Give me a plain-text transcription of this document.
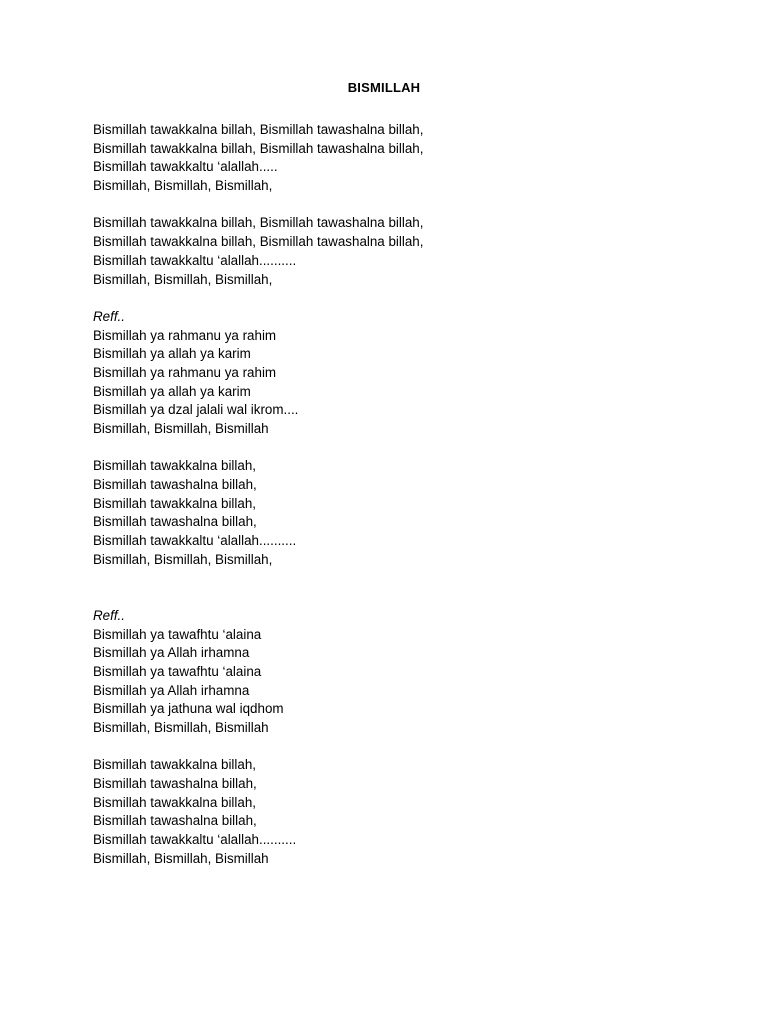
BISMILLAH
Bismillah tawakkalna billah, Bismillah tawashalna billah,
Bismillah tawakkalna billah, Bismillah tawashalna billah,
Bismillah tawakkaltu ‘alallah.....
Bismillah, Bismillah, Bismillah,
Bismillah tawakkalna billah, Bismillah tawashalna billah,
Bismillah tawakkalna billah, Bismillah tawashalna billah,
Bismillah tawakkaltu ‘alallah..........
Bismillah, Bismillah, Bismillah,
Reff..
Bismillah ya rahmanu ya rahim
Bismillah ya allah ya karim
Bismillah ya rahmanu ya rahim
Bismillah ya allah ya karim
Bismillah ya dzal jalali wal ikrom....
Bismillah, Bismillah, Bismillah
Bismillah tawakkalna billah,
Bismillah tawashalna billah,
Bismillah tawakkalna billah,
Bismillah tawashalna billah,
Bismillah tawakkaltu ‘alallah..........
Bismillah, Bismillah, Bismillah,
Reff..
Bismillah ya tawafhtu ‘alaina
Bismillah ya Allah irhamna
Bismillah ya tawafhtu ‘alaina
Bismillah ya Allah irhamna
Bismillah ya jathuna wal iqdhom
Bismillah, Bismillah, Bismillah
Bismillah tawakkalna billah,
Bismillah tawashalna billah,
Bismillah tawakkalna billah,
Bismillah tawashalna billah,
Bismillah tawakkaltu ‘alallah..........
Bismillah, Bismillah, Bismillah
